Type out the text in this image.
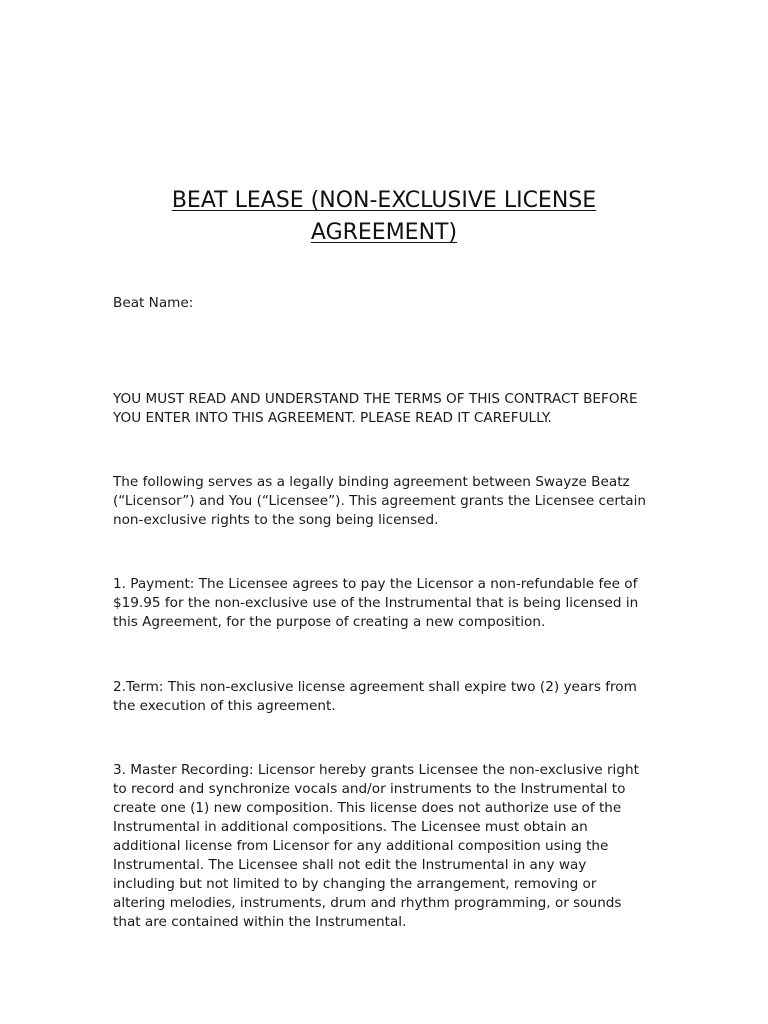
BEAT LEASE (NON-EXCLUSIVE LICENSE AGREEMENT)
Beat Name:
YOU MUST READ AND UNDERSTAND THE TERMS OF THIS CONTRACT BEFORE
YOU ENTER INTO THIS AGREEMENT. PLEASE READ IT CAREFULLY.
The following serves as a legally binding agreement between Swayze Beatz
(“Licensor”) and You (“Licensee”). This agreement grants the Licensee certain
non-exclusive rights to the song being licensed.
1. Payment: The Licensee agrees to pay the Licensor a non-refundable fee of
$19.95 for the non-exclusive use of the Instrumental that is being licensed in
this Agreement, for the purpose of creating a new composition.
2.Term: This non-exclusive license agreement shall expire two (2) years from
the execution of this agreement.
3. Master Recording: Licensor hereby grants Licensee the non-exclusive right
to record and synchronize vocals and/or instruments to the Instrumental to
create one (1) new composition. This license does not authorize use of the
Instrumental in additional compositions. The Licensee must obtain an
additional license from Licensor for any additional composition using the
Instrumental. The Licensee shall not edit the Instrumental in any way
including but not limited to by changing the arrangement, removing or
altering melodies, instruments, drum and rhythm programming, or sounds
that are contained within the Instrumental.
